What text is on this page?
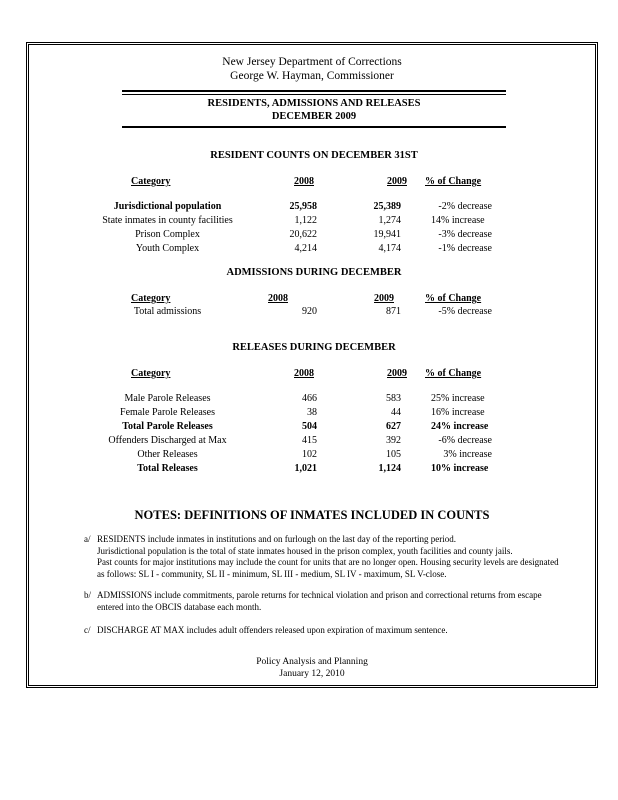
New Jersey Department of Corrections
George W. Hayman, Commissioner
RESIDENTS, ADMISSIONS AND RELEASES
DECEMBER 2009
RESIDENT COUNTS ON DECEMBER 31ST
Category	2008	2009 % of Change
Jurisdictional population	25,958	25,389	-2% decrease
State inmates in county facilities	1,122	1,274	14% increase
Prison Complex	20,622	19,941	-3% decrease
Youth Complex	4,214	4,174	-1% decrease
ADMISSIONS DURING DECEMBER
Category	2008	2009	% of Change
Total admissions	920	871	-5% decrease
RELEASES DURING DECEMBER
Category	2008	2009 % of Change
Male Parole Releases	466	583	25% increase
Female Parole Releases	38	44	16% increase
Total Parole Releases	504	627	24% increase
Offenders Discharged at Max	415	392	-6% decrease
Other Releases	102	105	3% increase
Total Releases	1,021	1,124	10% increase
NOTES: DEFINITIONS OF INMATES INCLUDED IN COUNTS
a/ RESIDENTS include inmates in institutions and on furlough on the last day of the reporting period.
Jurisdictional population is the total of state inmates housed in the prison complex, youth facilities and county jails.
Past counts for major institutions may include the count for units that are no longer open. Housing security levels are designated
as follows: SL I - community, SL II - minimum, SL III - medium, SL IV - maximum, SL V-close.
b/ ADMISSIONS include commitments, parole returns for technical violation and prison and correctional returns from escape
entered into the OBCIS database each month.
c/ DISCHARGE AT MAX includes adult offenders released upon expiration of maximum sentence.
Policy Analysis and Planning
January 12, 2010
